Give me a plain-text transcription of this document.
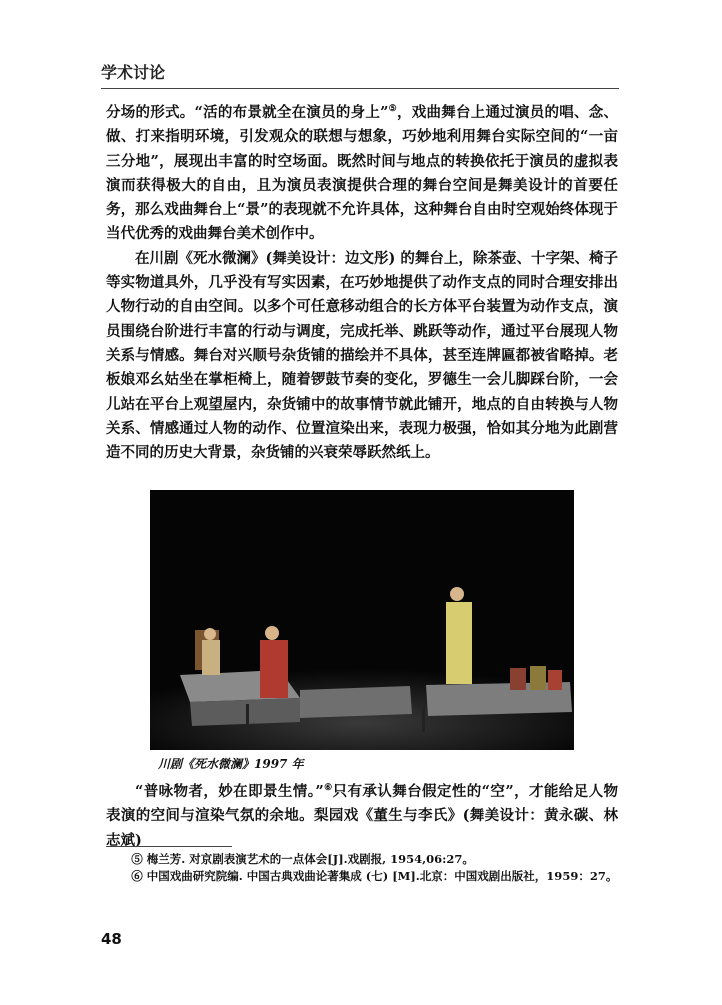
学术讨论

分场的形式。“活的布景就全在演员的身上”⑤，戏曲舞台上通过演员的唱、念、做、打来指明环境，引发观众的联想与想象，巧妙地利用舞台实际空间的“一亩三分地”，展现出丰富的时空场面。既然时间与地点的转换依托于演员的虚拟表演而获得极大的自由，且为演员表演提供合理的舞台空间是舞美设计的首要任务，那么戏曲舞台上“景”的表现就不允许具体，这种舞台自由时空观始终体现于当代优秀的戏曲舞台美术创作中。

在川剧《死水微澜》(舞美设计：边文彤) 的舞台上，除茶壶、十字架、椅子等实物道具外，几乎没有写实因素，在巧妙地提供了动作支点的同时合理安排出人物行动的自由空间。以多个可任意移动组合的长方体平台装置为动作支点，演员围绕台阶进行丰富的行动与调度，完成托举、跳跃等动作，通过平台展现人物关系与情感。舞台对兴顺号杂货铺的描绘并不具体，甚至连牌匾都被省略掉。老板娘邓幺姑坐在掌柜椅上，随着锣鼓节奏的变化，罗德生一会儿脚踩台阶，一会儿站在平台上观望屋内，杂货铺中的故事情节就此铺开，地点的自由转换与人物关系、情感通过人物的动作、位置渲染出来，表现力极强，恰如其分地为此剧营造不同的历史大背景，杂货铺的兴衰荣辱跃然纸上。

川剧《死水微澜》1997 年

“普咏物者，妙在即景生情。”⑥只有承认舞台假定性的“空”，才能给足人物表演的空间与渲染气氛的余地。梨园戏《董生与李氏》(舞美设计：黄永碳、林志斌)

⑤ 梅兰芳. 对京剧表演艺术的一点体会[J].戏剧报, 1954,06:27。

⑥ 中国戏曲研究院编. 中国古典戏曲论著集成 (七) [M].北京：中国戏剧出版社，1959：27。

48
